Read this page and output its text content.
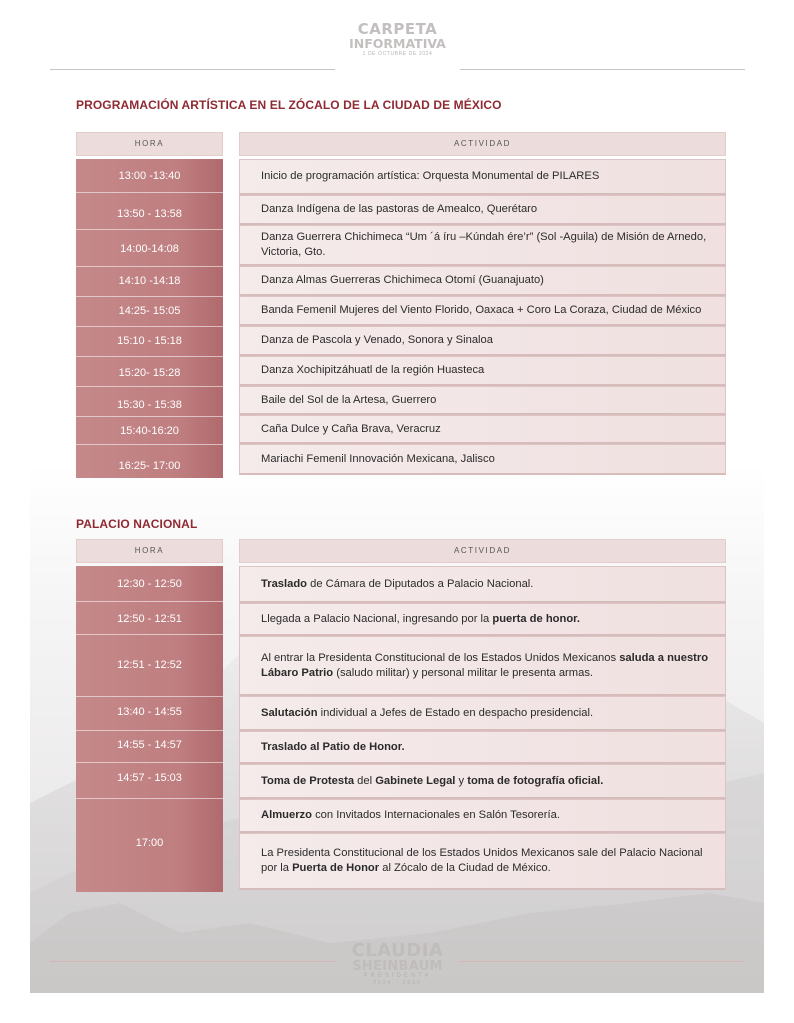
CARPETA
INFORMATIVA
1 DE OCTUBRE DE 2024
PROGRAMACIÓN ARTÍSTICA EN EL ZÓCALO DE LA CIUDAD DE MÉXICO
HORA	ACTIVIDAD
13:00 -13:40
13:50 - 13:58
14:00-14:08
14:10 -14:18
14:25- 15:05
15:10 - 15:18
15:20- 15:28
15:30 - 15:38
15:40-16:20
16:25- 17:00
Inicio de programación artística: Orquesta Monumental de PILARES
Danza Indígena de las pastoras de Amealco, Querétaro
Danza Guerrera Chichimeca “Um ´á íru –Kúndah ére’r” (Sol -Aguila) de Misión de Arnedo, Victoria, Gto.
Danza Almas Guerreras Chichimeca Otomí (Guanajuato)
Banda Femenil Mujeres del Viento Florido, Oaxaca + Coro La Coraza, Ciudad de México
Danza de Pascola y Venado, Sonora y Sinaloa
Danza Xochipitzáhuatl de la región Huasteca
Baile del Sol de la Artesa, Guerrero
Caña Dulce y Caña Brava, Veracruz
Mariachi Femenil Innovación Mexicana, Jalisco
PALACIO NACIONAL
HORA	ACTIVIDAD
12:30 - 12:50
12:50 - 12:51
12:51 - 12:52
13:40 - 14:55
14:55 - 14:57
14:57 - 15:03
17:00
Traslado de Cámara de Diputados a Palacio Nacional.
Llegada a Palacio Nacional, ingresando por la puerta de honor.
Al entrar la Presidenta Constitucional de los Estados Unidos Mexicanos saluda a nuestro Lábaro Patrio (saludo militar) y personal militar le presenta armas.
Salutación individual a Jefes de Estado en despacho presidencial.
Traslado al Patio de Honor.
Toma de Protesta del Gabinete Legal y toma de fotografía oficial.
Almuerzo con Invitados Internacionales en Salón Tesorería.
La Presidenta Constitucional de los Estados Unidos Mexicanos sale del Palacio Nacional por la Puerta de Honor al Zócalo de la Ciudad de México.
CLAUDIA
SHEINBAUM
PRESIDENTA
2024 - 2030
